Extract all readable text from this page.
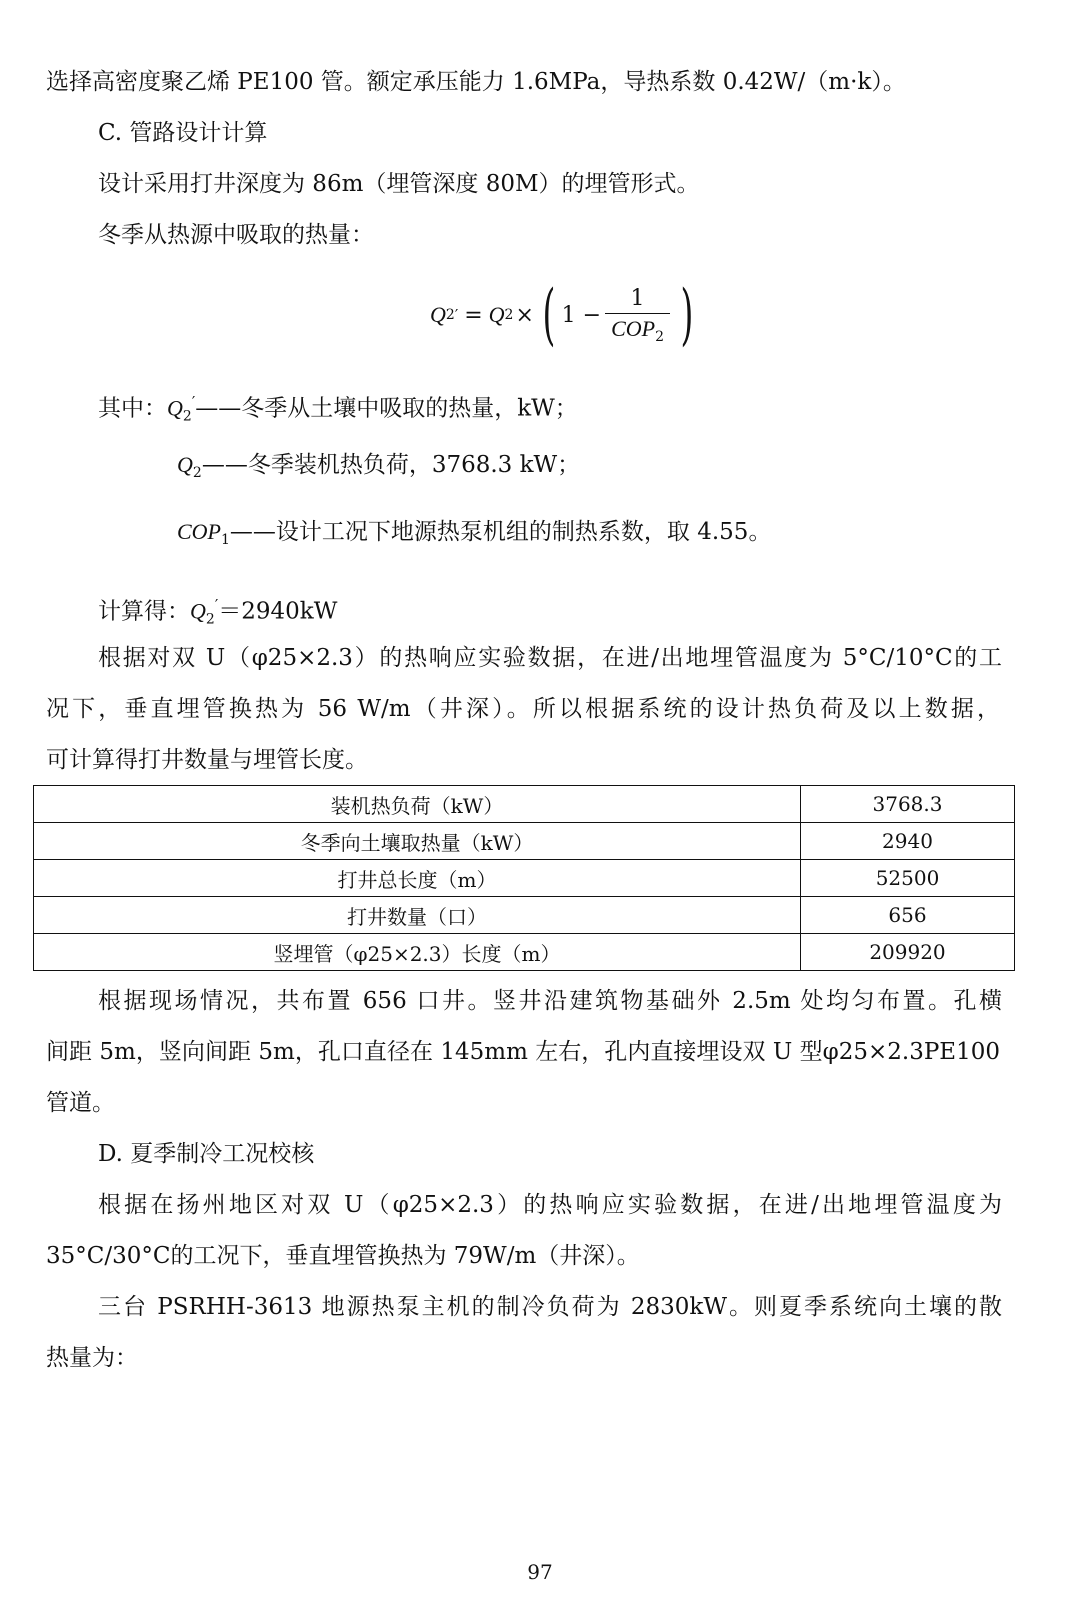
选择高密度聚乙烯 PE100 管。额定承压能力 1.6MPa，导热系数 0.42W/（m·k）。

C. 管路设计计算

设计采用打井深度为 86m（埋管深度 80M）的埋管形式。

冬季从热源中吸取的热量：

Q 2 ′ = Q 2 × ( $1 - \frac{1}{COP_2}$ )
其中：$Q_2'——$冬季从土壤中吸取的热量，kW；
$Q_2——$冬季装机热负荷，3768.3 kW；
$COP_1——$设计工况下地源热泵机组的制热系数，取 4.55。
计算得：$Q_2'=2940kW$

根据对双 U（φ25×2.3）的热响应实验数据，在进/出地埋管温度为 5°C/10°C的工

况下，垂直埋管换热为 56 W/m（井深）。所以根据系统的设计热负荷及以上数据，

可计算得打井数量与埋管长度。

装机热负荷（kW）	3768.3
冬季向土壤取热量（kW）	2940
打井总长度（m）	52500
打井数量（口）	656
竖埋管（φ25×2.3）长度（m）	209920

根据现场情况，共布置 656 口井。竖井沿建筑物基础外 2.5m 处均匀布置。孔横

间距 5m，竖向间距 5m，孔口直径在 145mm 左右，孔内直接埋设双 U 型φ25×2.3PE100

管道。

D. 夏季制冷工况校核

根据在扬州地区对双 U（φ25×2.3）的热响应实验数据，在进/出地埋管温度为

35°C/30°C的工况下，垂直埋管换热为 79W/m（井深）。

三台 PSRHH-3613 地源热泵主机的制冷负荷为 2830kW。则夏季系统向土壤的散

热量为：

97
